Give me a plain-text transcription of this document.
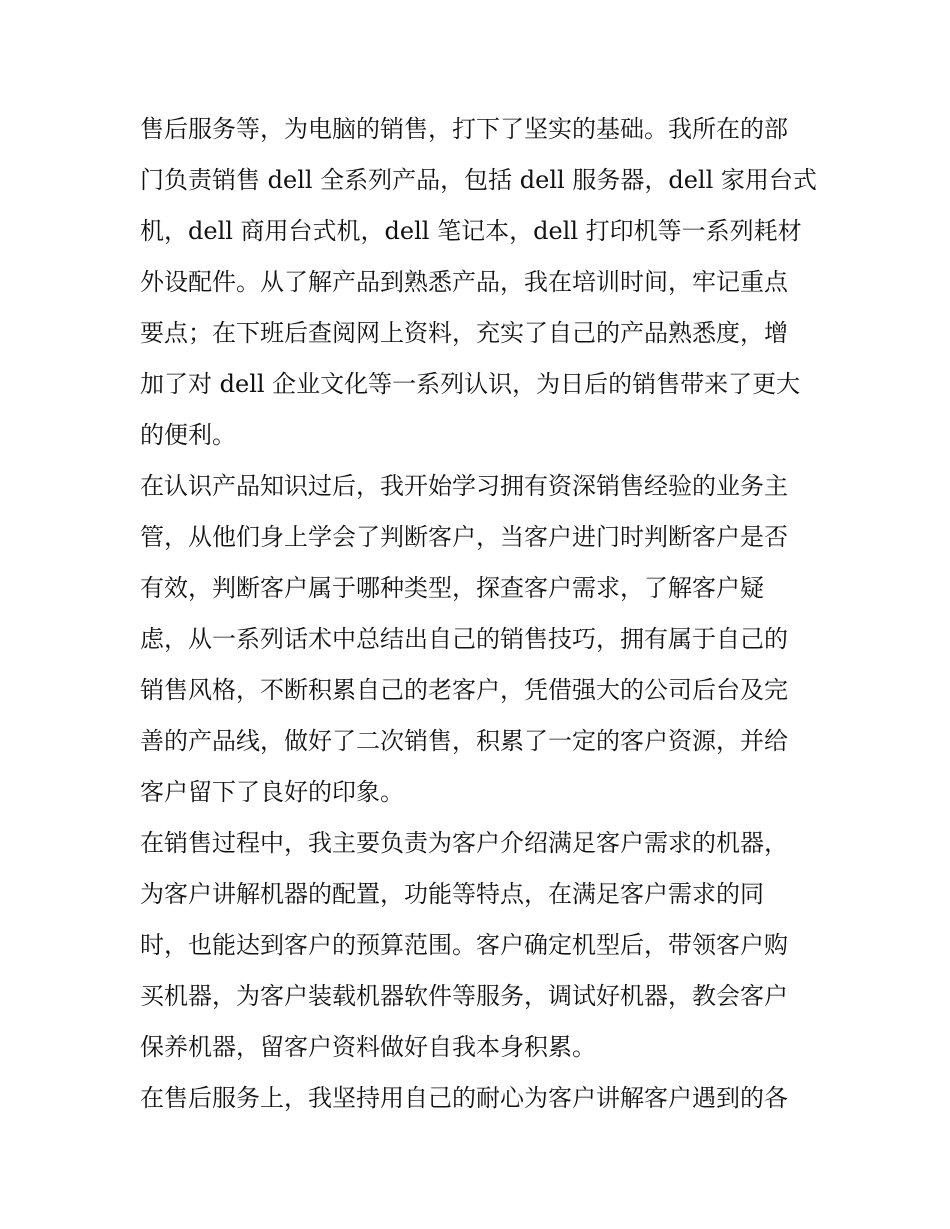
售后服务等，为电脑的销售，打下了坚实的基础。我所在的部
门负责销售 dell 全系列产品，包括 dell 服务器，dell 家用台式
机，dell 商用台式机，dell 笔记本，dell 打印机等一系列耗材
外设配件。从了解产品到熟悉产品，我在培训时间，牢记重点
要点；在下班后查阅网上资料，充实了自己的产品熟悉度，增
加了对 dell 企业文化等一系列认识，为日后的销售带来了更大
的便利。
在认识产品知识过后，我开始学习拥有资深销售经验的业务主
管，从他们身上学会了判断客户，当客户进门时判断客户是否
有效，判断客户属于哪种类型，探查客户需求，了解客户疑
虑，从一系列话术中总结出自己的销售技巧，拥有属于自己的
销售风格，不断积累自己的老客户，凭借强大的公司后台及完
善的产品线，做好了二次销售，积累了一定的客户资源，并给
客户留下了良好的印象。
在销售过程中，我主要负责为客户介绍满足客户需求的机器，
为客户讲解机器的配置，功能等特点，在满足客户需求的同
时，也能达到客户的预算范围。客户确定机型后，带领客户购
买机器，为客户装载机器软件等服务，调试好机器，教会客户
保养机器，留客户资料做好自我本身积累。
在售后服务上，我坚持用自己的耐心为客户讲解客户遇到的各
